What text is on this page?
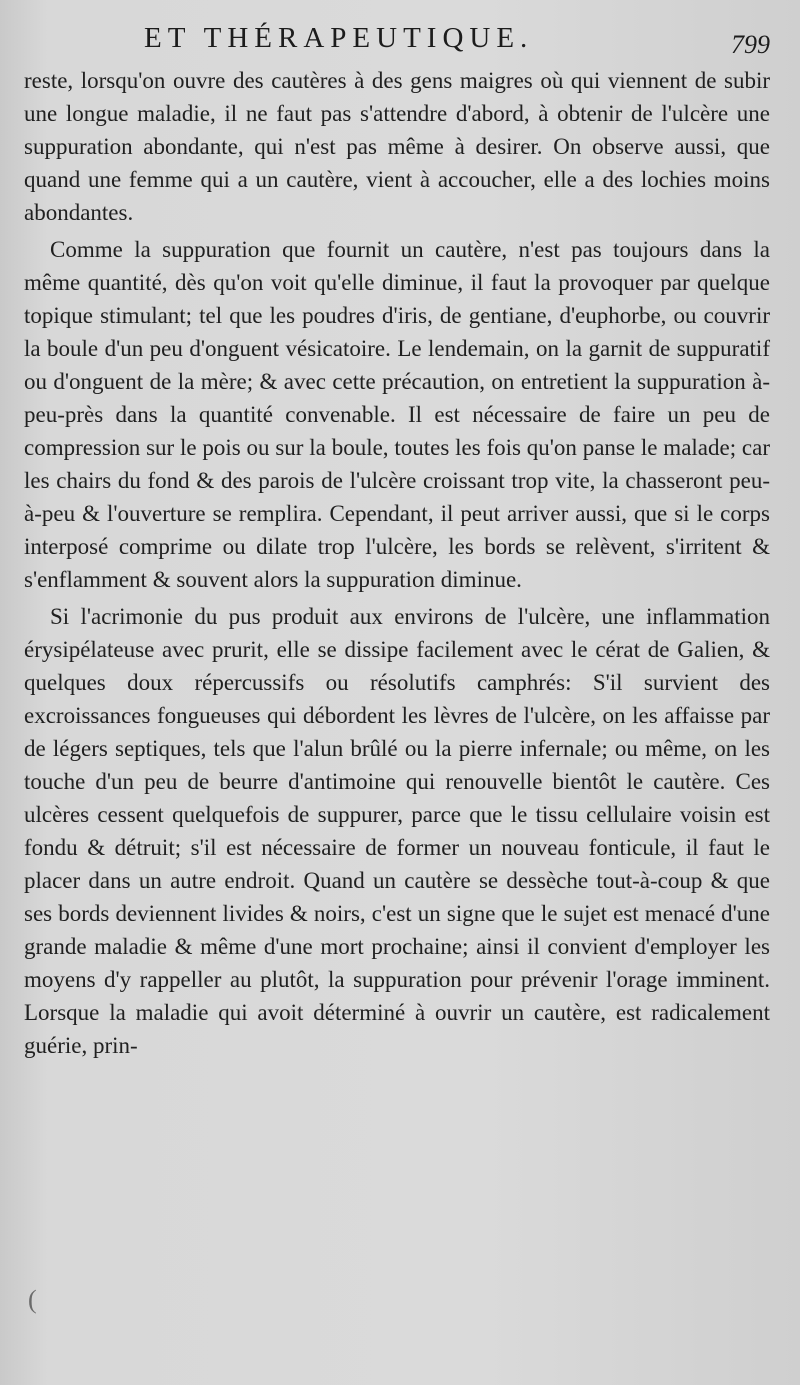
ET THÉRAPEUTIQUE.	799

reste, lorsqu'on ouvre des cautères à des gens maigres où qui viennent de subir une longue maladie, il ne faut pas s'attendre d'abord, à obtenir de l'ulcère une suppuration abondante, qui n'est pas même à desirer. On observe aussi, que quand une femme qui a un cautère, vient à accoucher, elle a des lochies moins abondantes.

Comme la suppuration que fournit un cautère, n'est pas toujours dans la même quantité, dès qu'on voit qu'elle diminue, il faut la provoquer par quelque topique stimulant; tel que les poudres d'iris, de gentiane, d'euphorbe, ou couvrir la boule d'un peu d'onguent vésicatoire. Le lendemain, on la garnit de suppuratif ou d'onguent de la mère; & avec cette précaution, on entretient la suppuration à-peu-près dans la quantité convenable. Il est nécessaire de faire un peu de compression sur le pois ou sur la boule, toutes les fois qu'on panse le malade; car les chairs du fond & des parois de l'ulcère croissant trop vite, la chasseront peu-à-peu & l'ouverture se remplira. Cependant, il peut arriver aussi, que si le corps interposé comprime ou dilate trop l'ulcère, les bords se relèvent, s'irritent & s'enflamment & souvent alors la suppuration diminue.

Si l'acrimonie du pus produit aux environs de l'ulcère, une inflammation érysipélateuse avec prurit, elle se dissipe facilement avec le cérat de Galien, & quelques doux répercussifs ou résolutifs camphrés: S'il survient des excroissances fongueuses qui débordent les lèvres de l'ulcère, on les affaisse par de légers septiques, tels que l'alun brûlé ou la pierre infernale; ou même, on les touche d'un peu de beurre d'antimoine qui renouvelle bientôt le cautère. Ces ulcères cessent quelquefois de suppurer, parce que le tissu cellulaire voisin est fondu & détruit; s'il est nécessaire de former un nouveau fonticule, il faut le placer dans un autre endroit. Quand un cautère se dessèche tout-à-coup & que ses bords deviennent livides & noirs, c'est un signe que le sujet est menacé d'une grande maladie & même d'une mort prochaine; ainsi il convient d'employer les moyens d'y rappeller au plutôt, la suppuration pour prévenir l'orage imminent. Lorsque la maladie qui avoit déterminé à ouvrir un cautère, est radicalement guérie, prin-

(
